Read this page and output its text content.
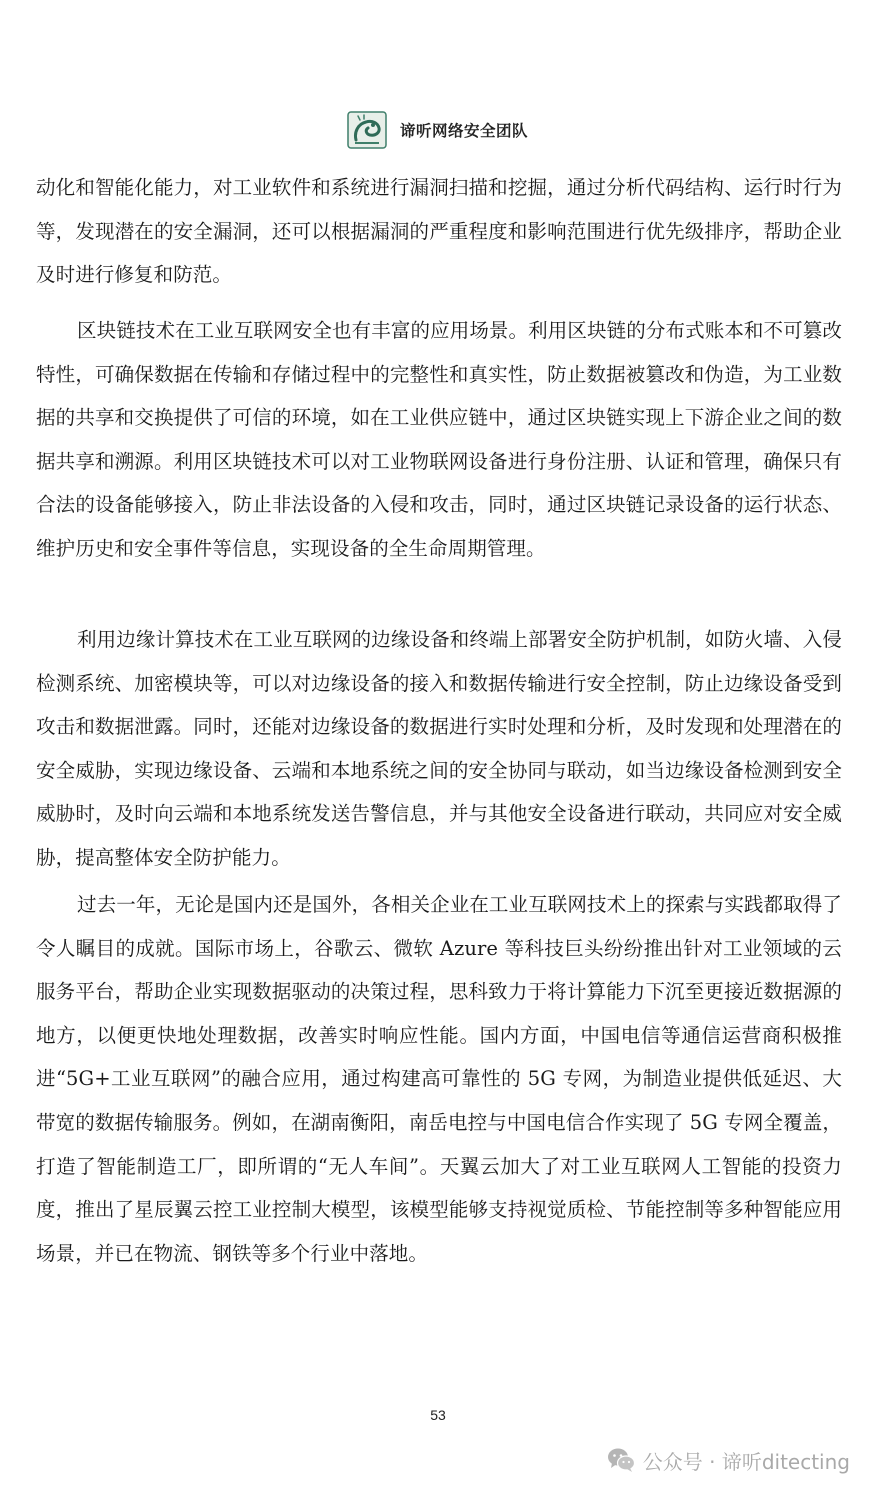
谛听网络安全团队

动化和智能化能力，对工业软件和系统进行漏洞扫描和挖掘，通过分析代码结构、运行时行为等，发现潜在的安全漏洞，还可以根据漏洞的严重程度和影响范围进行优先级排序，帮助企业及时进行修复和防范。

区块链技术在工业互联网安全也有丰富的应用场景。利用区块链的分布式账本和不可篡改特性，可确保数据在传输和存储过程中的完整性和真实性，防止数据被篡改和伪造，为工业数据的共享和交换提供了可信的环境，如在工业供应链中，通过区块链实现上下游企业之间的数据共享和溯源。利用区块链技术可以对工业物联网设备进行身份注册、认证和管理，确保只有合法的设备能够接入，防止非法设备的入侵和攻击，同时，通过区块链记录设备的运行状态、维护历史和安全事件等信息，实现设备的全生命周期管理。

利用边缘计算技术在工业互联网的边缘设备和终端上部署安全防护机制，如防火墙、入侵检测系统、加密模块等，可以对边缘设备的接入和数据传输进行安全控制，防止边缘设备受到攻击和数据泄露。同时，还能对边缘设备的数据进行实时处理和分析，及时发现和处理潜在的安全威胁，实现边缘设备、云端和本地系统之间的安全协同与联动，如当边缘设备检测到安全威胁时，及时向云端和本地系统发送告警信息，并与其他安全设备进行联动，共同应对安全威胁，提高整体安全防护能力。

过去一年，无论是国内还是国外，各相关企业在工业互联网技术上的探索与实践都取得了令人瞩目的成就。国际市场上，谷歌云、微软 Azure 等科技巨头纷纷推出针对工业领域的云服务平台，帮助企业实现数据驱动的决策过程，思科致力于将计算能力下沉至更接近数据源的地方，以便更快地处理数据，改善实时响应性能。国内方面，中国电信等通信运营商积极推进“5G+工业互联网”的融合应用，通过构建高可靠性的 5G 专网，为制造业提供低延迟、大带宽的数据传输服务。例如，在湖南衡阳，南岳电控与中国电信合作实现了 5G 专网全覆盖，打造了智能制造工厂，即所谓的“无人车间”。天翼云加大了对工业互联网人工智能的投资力度，推出了星辰翼云控工业控制大模型，该模型能够支持视觉质检、节能控制等多种智能应用场景，并已在物流、钢铁等多个行业中落地。

53
公众号 · 谛听ditecting
